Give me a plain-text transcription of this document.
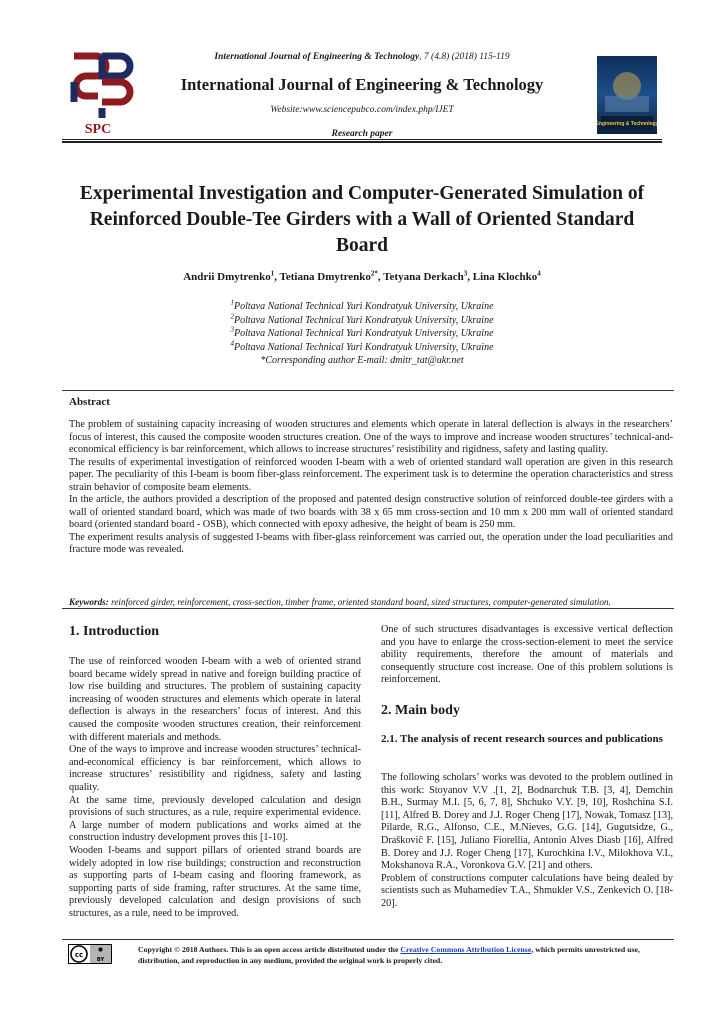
SPC
International Journal of Engineering & Technology, 7 (4.8) (2018) 115-119
International Journal of Engineering & Technology
Website:www.sciencepubco.com/index.php/IJET
Research paper
Engineering & Technology
Experimental Investigation and Computer-Generated Simulation of Reinforced Double-Tee Girders with a Wall of Oriented Standard Board
Andrii Dmytrenko$^1$, Tetiana Dmytrenko$^{2*}$, Tetyana Derkach$^3$, Lina Klochko$^4$
$^1$Poltava National Technical Yuri Kondratyuk University, Ukraine
$^2$Poltava National Technical Yuri Kondratyuk University, Ukraine
$^3$Poltava National Technical Yuri Kondratyuk University, Ukraine
$^4$Poltava National Technical Yuri Kondratyuk University, Ukraine
*Corresponding author E-mail: dmitr_tat@ukr.net
Abstract

The problem of sustaining capacity increasing of wooden structures and elements which operate in lateral deflection is always in the researchers’ focus of interest, this caused the composite wooden structures creation. One of the ways to improve and increase wooden structures’ technical-and-economical efficiency is bar reinforcement, which allows to increase structures’ resistibility and rigidness, safety and lasting quality.

The results of experimental investigation of reinforced wooden I-beam with a web of oriented standard wall operation are given in this research paper. The peculiarity of this I-beam is boom fiber-glass reinforcement. The experiment task is to determine the operation characteristics and stress strain behavior of composite beam elements.

In the article, the authors provided a description of the proposed and patented design constructive solution of reinforced double-tee girders with a wall of oriented standard board, which was made of two boards with 38 x 65 mm cross-section and 10 mm x 200 mm wall of oriented standard board (oriented standard board - OSB), which connected with epoxy adhesive, the height of beam is 250 mm.

The experiment results analysis of suggested I-beams with fiber-glass reinforcement was carried out, the operation under the load peculiarities and fracture mode was revealed.

Keywords: reinforced girder, reinforcement, cross-section, timber frame, oriented standard board, sized structures, computer-generated simulation.
1. Introduction

The use of reinforced wooden I-beam with a web of oriented strand board became widely spread in native and foreign building practice of low rise building and structures. The problem of sustaining capacity increasing of wooden structures and elements which operate in lateral deflection is always in the researchers’ focus of interest. And this caused the composite wooden structures creation, their reinforcement with different materials and methods.

One of the ways to improve and increase wooden structures’ technical-and-economical efficiency is bar reinforcement, which allows to increase structures’ resistibility and rigidness, safety and lasting quality.

At the same time, previously developed calculation and design provisions of such structures, as a rule, require experimental evidence. A large number of modern publications and works aimed at the construction industry development proves this [1-10].

Wooden I-beams and support pillars of oriented strand boards are widely adopted in low rise buildings; construction and reconstruction as supporting parts of I-beam casing and flooring framework, as supporting parts of side framing, rafter structures. At the same time, previously developed calculation and design provisions of such structures, as a rule, need to be improved.

One of such structures disadvantages is excessive vertical deflection and you have to enlarge the cross-section-element to meet the service ability requirements, therefore the amount of materials and consequently structure cost increase. One of this problem solutions is reinforcement.
2. Main body
2.1. The analysis of recent research sources and publications

The following scholars’ works was devoted to the problem outlined in this work: Stoyanov V.V .[1, 2], Bodnarchuk T.B. [3, 4], Demchin B.H., Surmay M.I. [5, 6, 7, 8], Shchuko V.Y. [9, 10], Roshchina S.I. [11], Alfred B. Dorey and J.J. Roger Cheng [17], Nowak, Tomasz [13], Pilarde, R.G., Alfonso, C.E., M.Nieves, G.G. [14], Gugutsidze, G., Draškovič F. [15], Juliano Fiorellia, Antonio Alves Diasb [16], Alfred B. Dorey and J.J. Roger Cheng [17], Kurochkina I.V., Milokhova V.I., Mokshanova R.A., Voronkova G.V. [21] and others.

Problem of constructions computer calculations have being dealed by scientists such as Muhamediev T.A., Shmukler V.S., Zenkevich O. [18-20].

cc
BY
Copyright © 2018 Authors. This is an open access article distributed under the Creative Commons Attribution License, which permits unrestricted use, distribution, and reproduction in any medium, provided the original work is properly cited.
